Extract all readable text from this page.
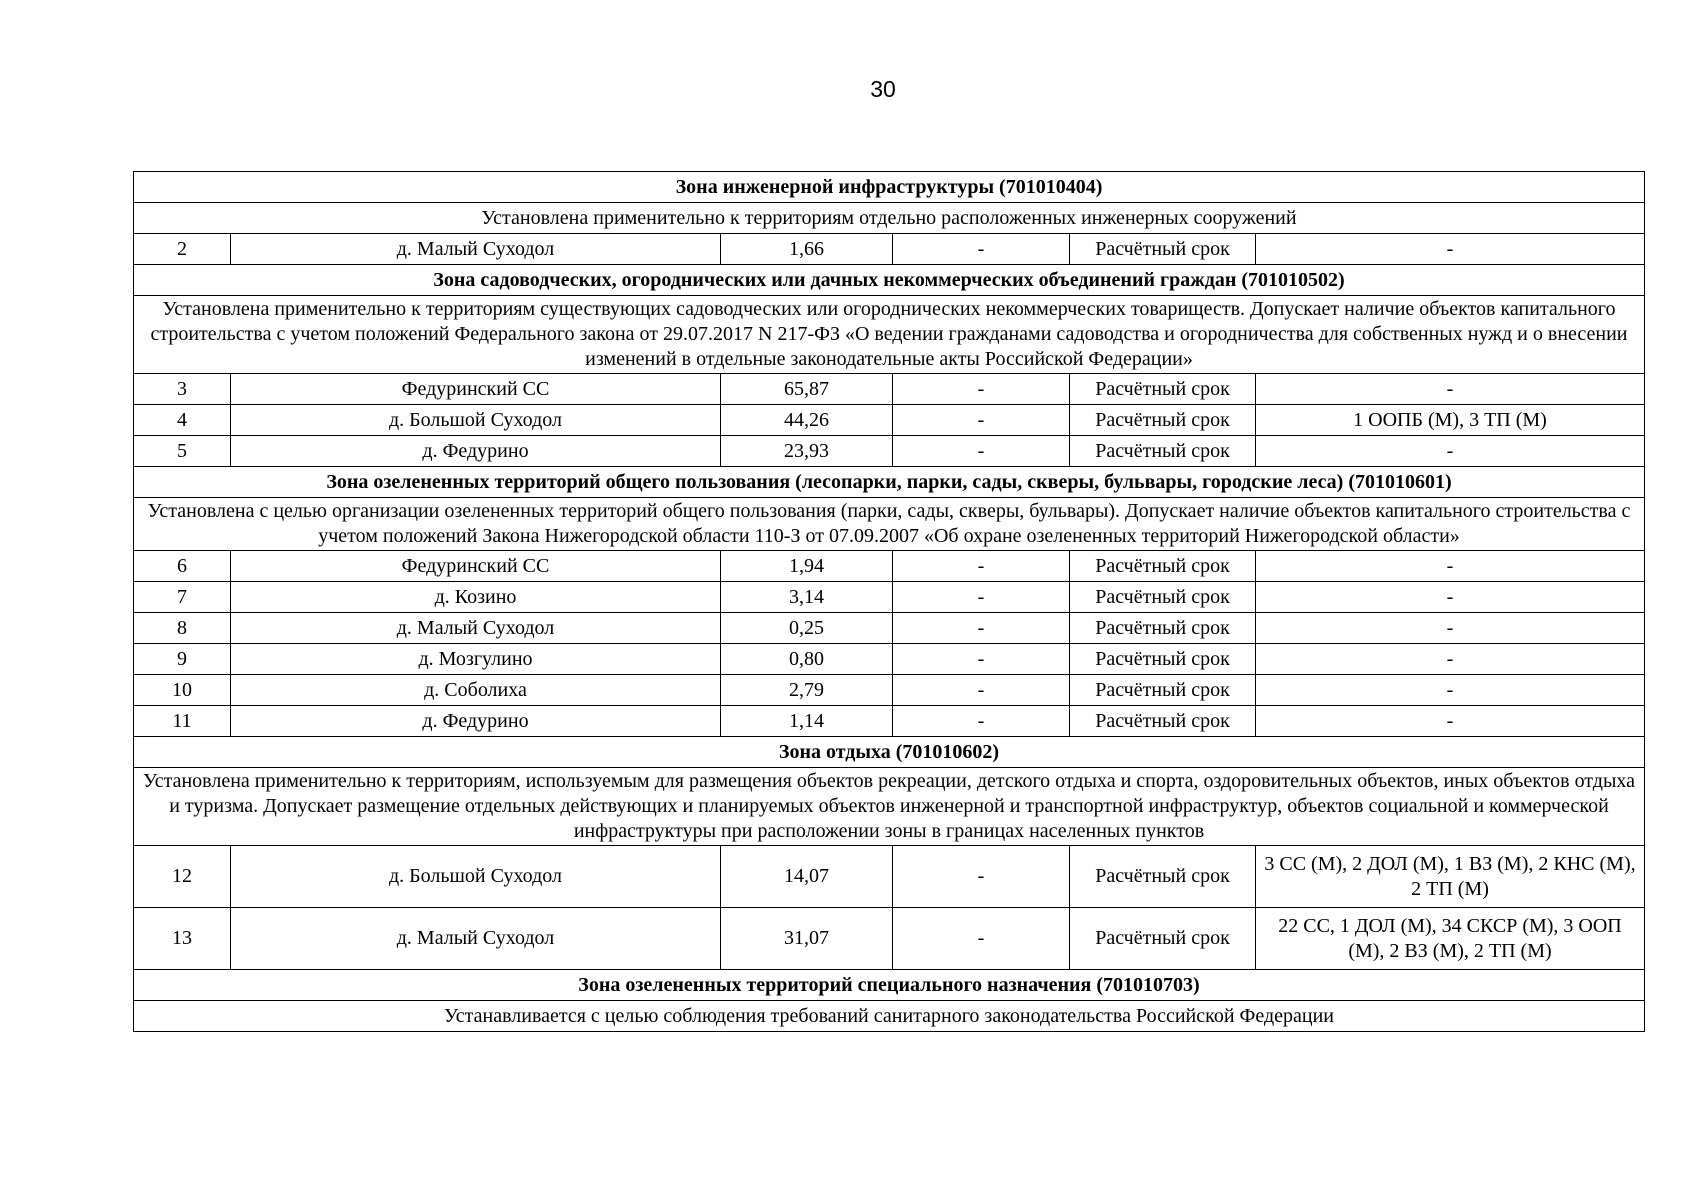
30
Зона инженерной инфраструктуры (701010404)					
Установлена применительно к территориям отдельно расположенных инженерных сооружений					
2	д. Малый Суходол	1,66	-	Расчётный срок	-
Зона садоводческих, огороднических или дачных некоммерческих объединений граждан (701010502)					
Установлена применительно к территориям существующих садоводческих или огороднических некоммерческих товариществ. Допускает наличие объектов капитального строительства с учетом положений Федерального закона от 29.07.2017 N 217-ФЗ «О ведении гражданами садоводства и огородничества для собственных нужд и о внесении изменений в отдельные законодательные акты Российской Федерации»					
3	Федуринский СС	65,87	-	Расчётный срок	-
4	д. Большой Суходол	44,26	-	Расчётный срок	1 ООПБ (М), 3 ТП (М)
5	д. Федурино	23,93	-	Расчётный срок	-
Зона озелененных территорий общего пользования (лесопарки, парки, сады, скверы, бульвары, городские леса) (701010601)					
Установлена с целью организации озелененных территорий общего пользования (парки, сады, скверы, бульвары). Допускает наличие объектов капитального строительства с учетом положений Закона Нижегородской области 110-З от 07.09.2007 «Об охране озелененных территорий Нижегородской области»					
6	Федуринский СС	1,94	-	Расчётный срок	-
7	д. Козино	3,14	-	Расчётный срок	-
8	д. Малый Суходол	0,25	-	Расчётный срок	-
9	д. Мозгулино	0,80	-	Расчётный срок	-
10	д. Соболиха	2,79	-	Расчётный срок	-
11	д. Федурино	1,14	-	Расчётный срок	-
Зона отдыха (701010602)					
Установлена применительно к территориям, используемым для размещения объектов рекреации, детского отдыха и спорта, оздоровительных объектов, иных объектов отдыха и туризма. Допускает размещение отдельных действующих и планируемых объектов инженерной и транспортной инфраструктур, объектов социальной и коммерческой инфраструктуры при расположении зоны в границах населенных пунктов					
12	д. Большой Суходол	14,07	-	Расчётный срок	3 СС (М), 2 ДОЛ (М), 1 ВЗ (М), 2 КНС (М), 2 ТП (М)
13	д. Малый Суходол	31,07	-	Расчётный срок	22 СС, 1 ДОЛ (М), 34 СКСР (М), 3 ООП (М), 2 ВЗ (М), 2 ТП (М)
Зона озелененных территорий специального назначения (701010703)					
Устанавливается с целью соблюдения требований санитарного законодательства Российской Федерации					
